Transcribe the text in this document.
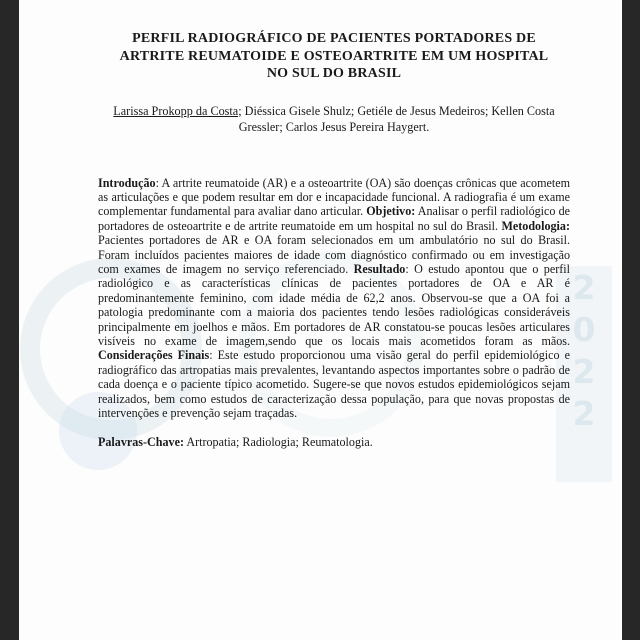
2
0
2
2
PERFIL RADIOGRÁFICO DE PACIENTES PORTADORES DE
ARTRITE REUMATOIDE E OSTEOARTRITE EM UM HOSPITAL
NO SUL DO BRASIL
Larissa Prokopp da Costa; Diéssica Gisele Shulz; Getiéle de Jesus Medeiros; Kellen Costa Gressler; Carlos Jesus Pereira Haygert.
Introdução: A artrite reumatoide (AR) e a osteoartrite (OA) são doenças crônicas que acometem as articulações e que podem resultar em dor e incapacidade funcional. A radiografia é um exame complementar fundamental para avaliar dano articular. Objetivo: Analisar o perfil radiológico de portadores de osteoartrite e de artrite reumatoide em um hospital no sul do Brasil. Metodologia: Pacientes portadores de AR e OA foram selecionados em um ambulatório no sul do Brasil. Foram incluídos pacientes maiores de idade com diagnóstico confirmado ou em investigação com exames de imagem no serviço referenciado. Resultado: O estudo apontou que o perfil radiológico e as características clínicas de pacientes portadores de OA e AR é predominantemente feminino, com idade média de 62,2 anos. Observou-se que a OA foi a patologia predominante com a maioria dos pacientes tendo lesões radiológicas consideráveis principalmente em joelhos e mãos. Em portadores de AR constatou-se poucas lesões articulares visíveis no exame de imagem,sendo que os locais mais acometidos foram as mãos. Considerações Finais: Este estudo proporcionou uma visão geral do perfil epidemiológico e radiográfico das artropatias mais prevalentes, levantando aspectos importantes sobre o padrão de cada doença e o paciente típico acometido. Sugere-se que novos estudos epidemiológicos sejam realizados, bem como estudos de caracterização dessa população, para que novas propostas de intervenções e prevenção sejam traçadas.
Palavras-Chave: Artropatia; Radiologia; Reumatologia.
